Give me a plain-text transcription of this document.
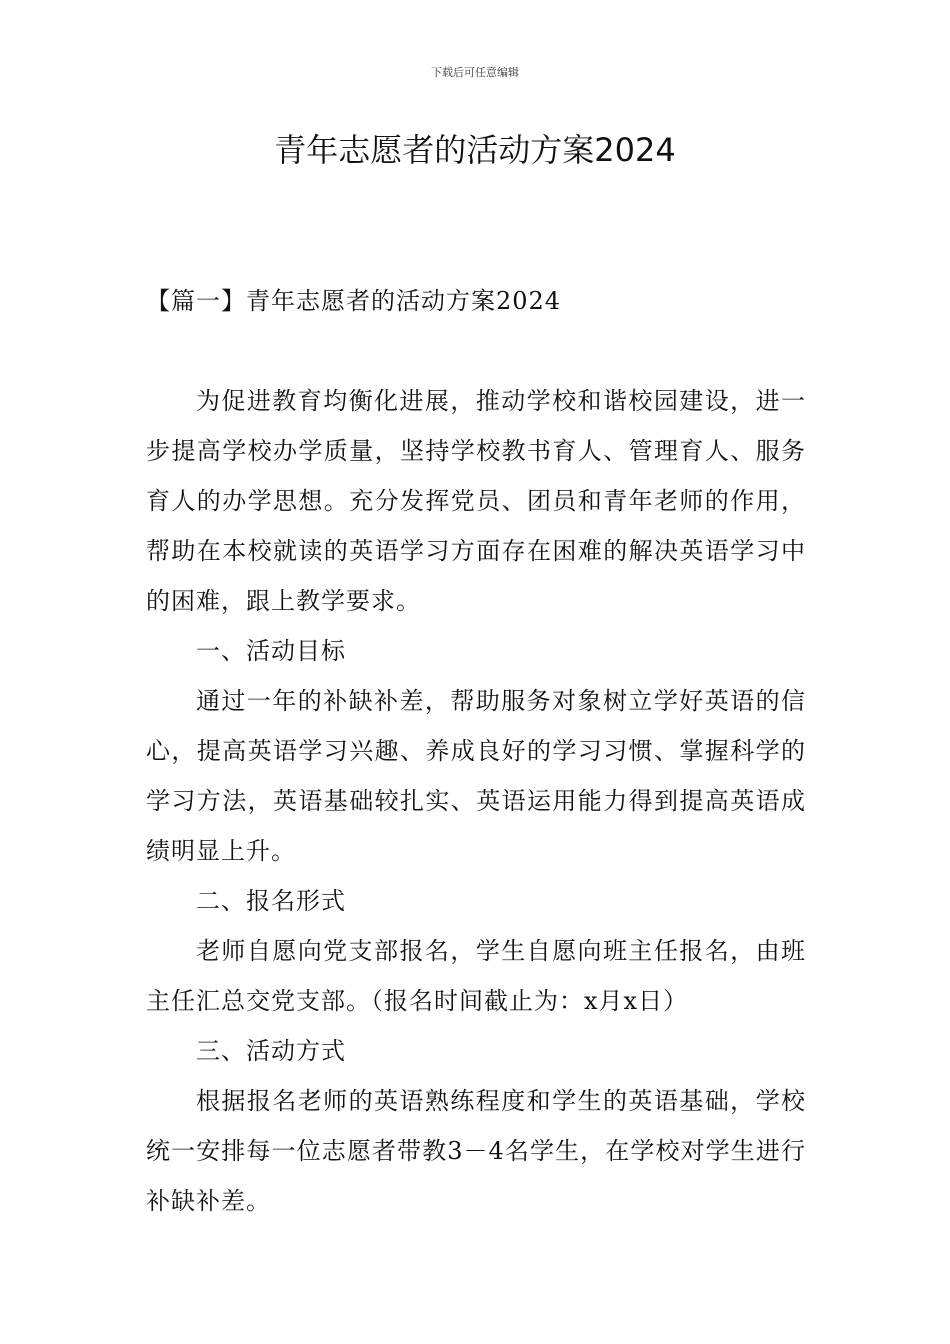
下载后可任意编辑
青年志愿者的活动方案2024

【篇一】青年志愿者的活动方案2024

为促进教育均衡化进展，推动学校和谐校园建设，进一步提高学校办学质量，坚持学校教书育人、管理育人、服务育人的办学思想。充分发挥党员、团员和青年老师的作用，帮助在本校就读的英语学习方面存在困难的解决英语学习中的困难，跟上教学要求。

一、活动目标

通过一年的补缺补差，帮助服务对象树立学好英语的信心，提高英语学习兴趣、养成良好的学习习惯、掌握科学的学习方法，英语基础较扎实、英语运用能力得到提高英语成绩明显上升。

二、报名形式

老师自愿向党支部报名，学生自愿向班主任报名，由班主任汇总交党支部。（报名时间截止为：x月x日）

三、活动方式

根据报名老师的英语熟练程度和学生的英语基础，学校统一安排每一位志愿者带教3－4名学生，在学校对学生进行补缺补差。
